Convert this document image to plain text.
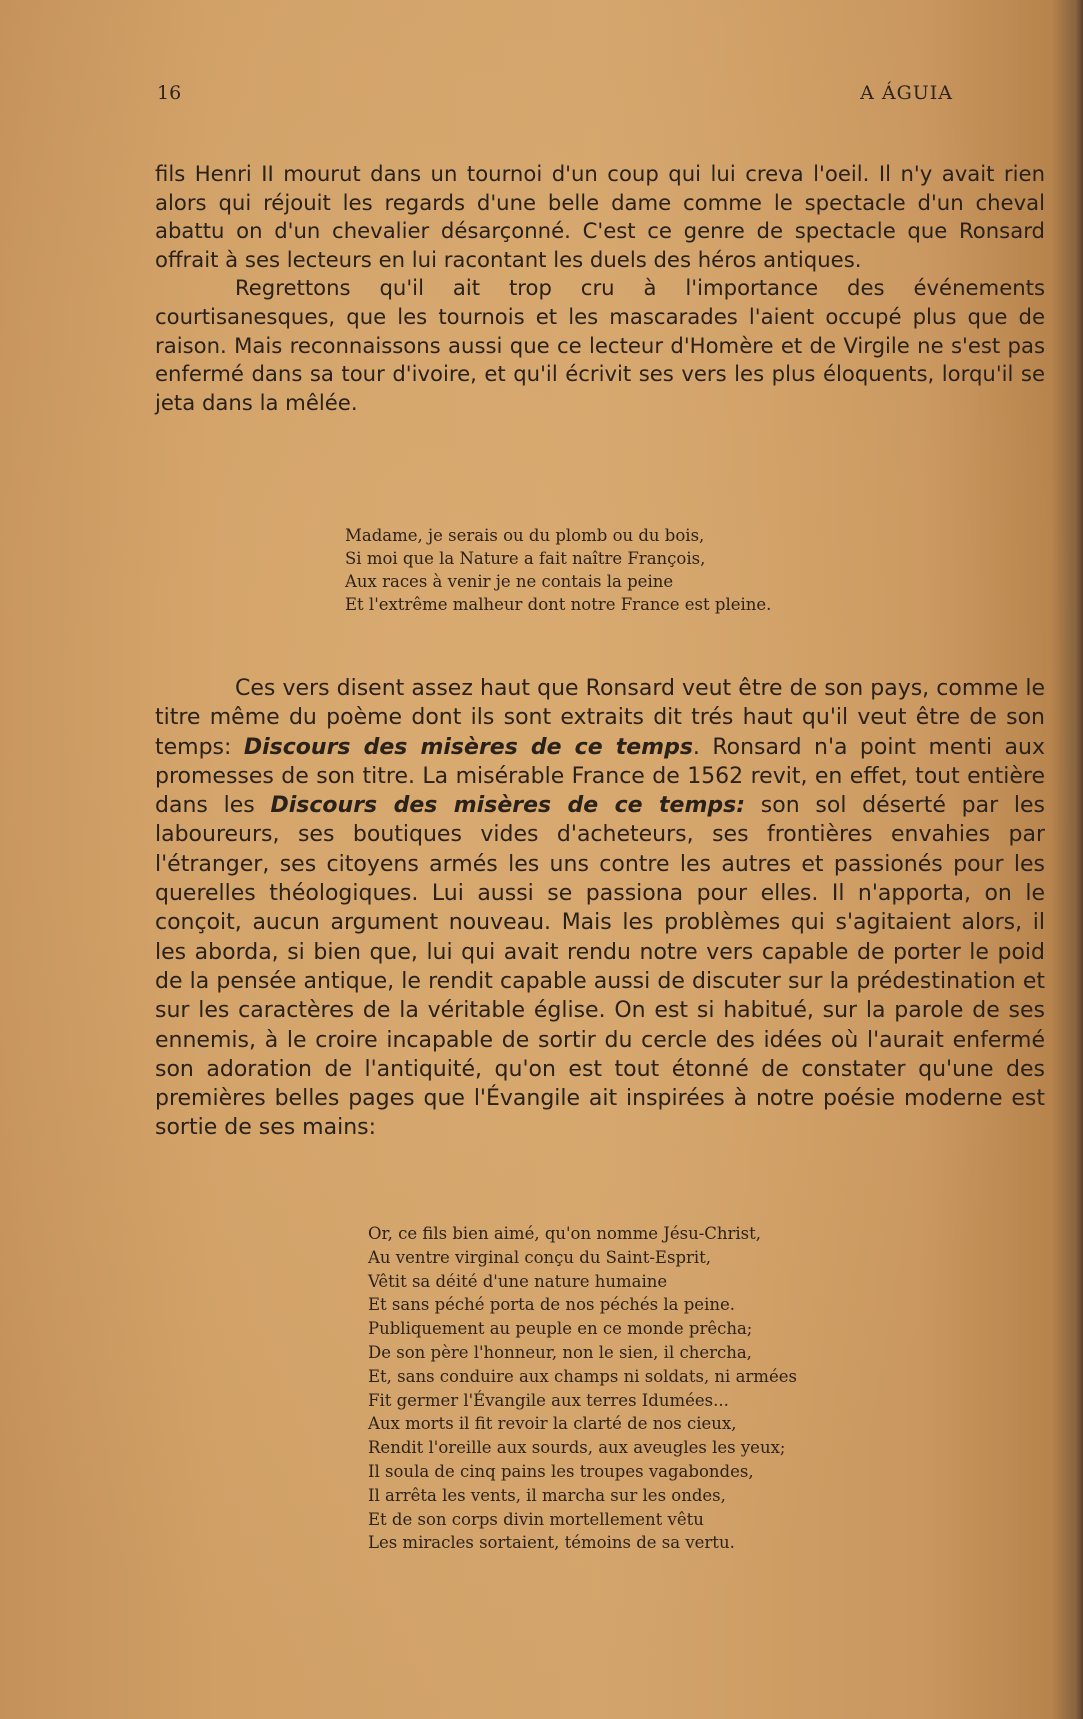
16	A ÁGUIA

fils Henri II mourut dans un tournoi d'un coup qui lui creva l'oeil. Il n'y avait rien alors qui réjouit les regards d'une belle dame comme le spectacle d'un cheval abattu on d'un chevalier désarçonné. C'est ce genre de spectacle que Ronsard offrait à ses lecteurs en lui racontant les duels des héros antiques.

Regrettons qu'il ait trop cru à l'importance des événements courtisanesques, que les tournois et les mascarades l'aient occupé plus que de raison. Mais reconnaissons aussi que ce lecteur d'Homère et de Virgile ne s'est pas enfermé dans sa tour d'ivoire, et qu'il écrivit ses vers les plus éloquents, lorqu'il se jeta dans la mêlée.

Madame, je serais ou du plomb ou du bois,
Si moi que la Nature a fait naître François,
Aux races à venir je ne contais la peine
Et l'extrême malheur dont notre France est pleine.

Ces vers disent assez haut que Ronsard veut être de son pays, comme le titre même du poème dont ils sont extraits dit trés haut qu'il veut être de son temps: Discours des misères de ce temps. Ronsard n'a point menti aux promesses de son titre. La misérable France de 1562 revit, en effet, tout entière dans les Discours des misères de ce temps: son sol déserté par les laboureurs, ses boutiques vides d'acheteurs, ses frontières envahies par l'étranger, ses citoyens armés les uns contre les autres et passionés pour les querelles théologiques. Lui aussi se passiona pour elles. Il n'apporta, on le conçoit, aucun argument nouveau. Mais les problèmes qui s'agitaient alors, il les aborda, si bien que, lui qui avait rendu notre vers capable de porter le poid de la pensée antique, le rendit capable aussi de discuter sur la prédestination et sur les caractères de la véritable église. On est si habitué, sur la parole de ses ennemis, à le croire incapable de sortir du cercle des idées où l'aurait enfermé son adoration de l'antiquité, qu'on est tout étonné de constater qu'une des premières belles pages que l'Évangile ait inspirées à notre poésie moderne est sortie de ses mains:

Or, ce fils bien aimé, qu'on nomme Jésu-Christ,
Au ventre virginal conçu du Saint-Esprit,
Vêtit sa déité d'une nature humaine
Et sans péché porta de nos péchés la peine.
Publiquement au peuple en ce monde prêcha;
De son père l'honneur, non le sien, il chercha,
Et, sans conduire aux champs ni soldats, ni armées
Fit germer l'Évangile aux terres Idumées...
Aux morts il fit revoir la clarté de nos cieux,
Rendit l'oreille aux sourds, aux aveugles les yeux;
Il soula de cinq pains les troupes vagabondes,
Il arrêta les vents, il marcha sur les ondes,
Et de son corps divin mortellement vêtu
Les miracles sortaient, témoins de sa vertu.
